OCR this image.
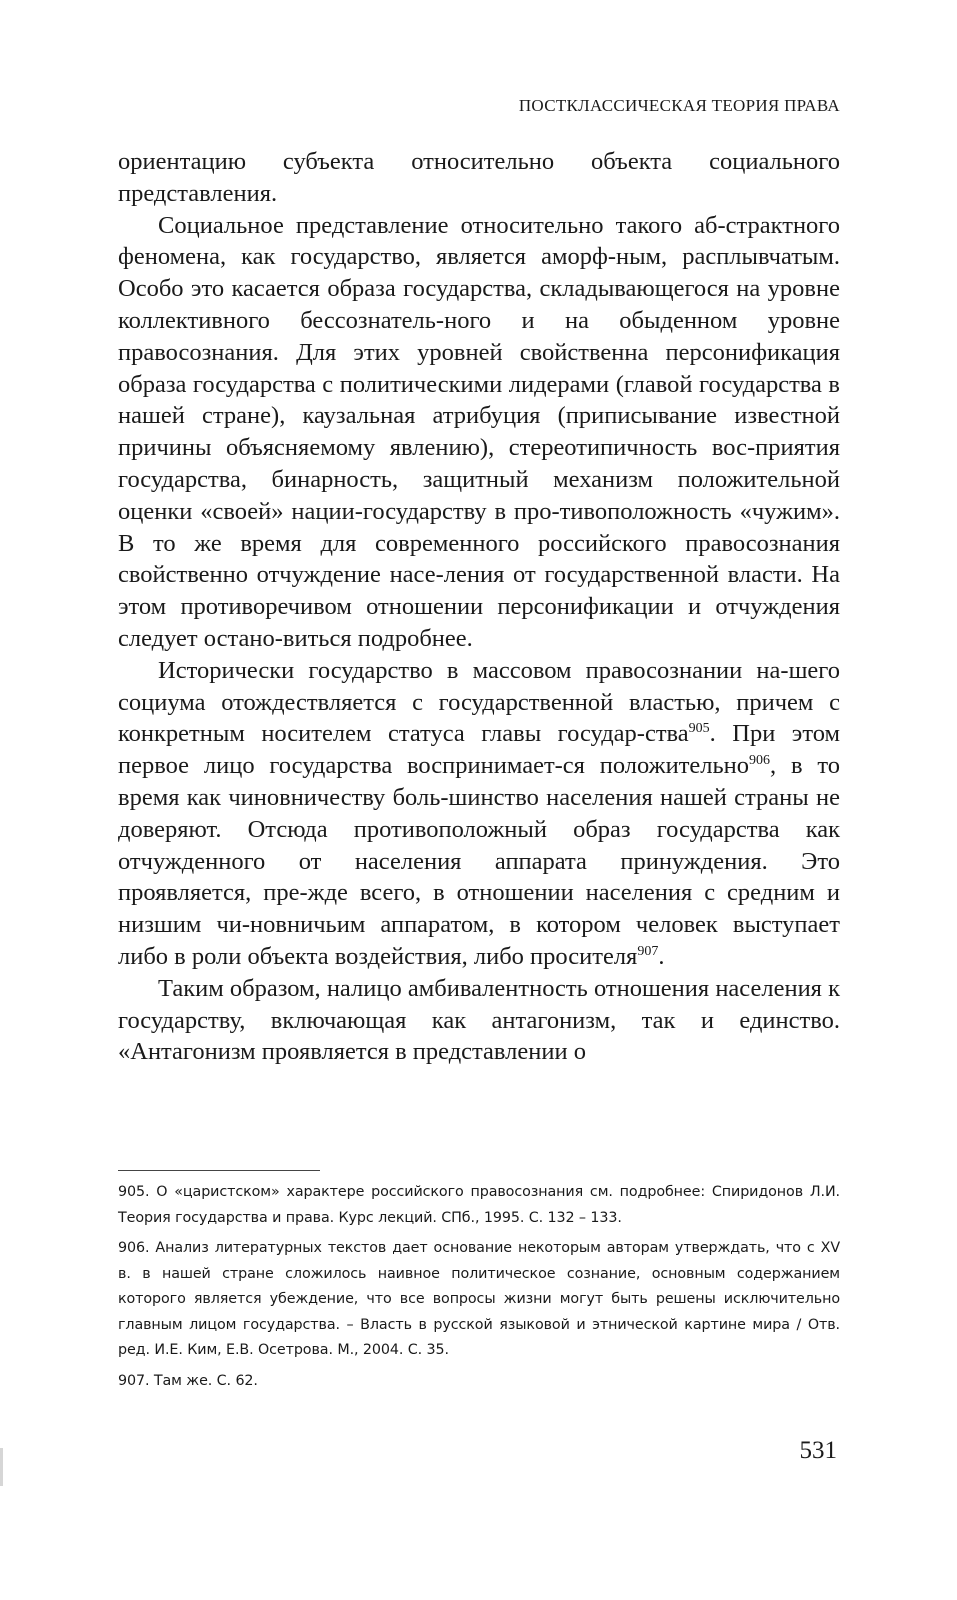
ПОСТКЛАССИЧЕСКАЯ ТЕОРИЯ ПРАВА

ориентацию субъекта относительно объекта социального представления.

Социальное представление относительно такого аб-страктного феномена, как государство, является аморф-ным, расплывчатым. Особо это касается образа государства, складывающегося на уровне коллективного бессознатель-ного и на обыденном уровне правосознания. Для этих уровней свойственна персонификация образа государства с политическими лидерами (главой государства в нашей стране), каузальная атрибуция (приписывание известной причины объясняемому явлению), стереотипичность вос-приятия государства, бинарность, защитный механизм положительной оценки «своей» нации-государству в про-тивоположность «чужим». В то же время для современного российского правосознания свойственно отчуждение насе-ления от государственной власти. На этом противоречивом отношении персонификации и отчуждения следует остано-виться подробнее.

Исторически государство в массовом правосознании на-шего социума отождествляется с государственной властью, причем с конкретным носителем статуса главы государ-ства$^{905}$. При этом первое лицо государства воспринимает-ся положительно$^{906}$, в то время как чиновничеству боль-шинство населения нашей страны не доверяют. Отсюда противоположный образ государства как отчужденного от населения аппарата принуждения. Это проявляется, пре-жде всего, в отношении населения с средним и низшим чи-новничьим аппаратом, в котором человек выступает либо в роли объекта воздействия, либо просителя$^{907}$.

Таким образом, налицо амбивалентность отношения населения к государству, включающая как антагонизм, так и единство. «Антагонизм проявляется в представлении о

905. О «царистском» характере российского правосознания см. подробнее: Спиридонов Л.И. Теория государства и права. Курс лекций. СПб., 1995. С. 132 – 133.

906. Анализ литературных текстов дает основание некоторым авторам утверждать, что с XV в. в нашей стране сложилось наивное политическое сознание, основным содержанием которого является убеждение, что все вопросы жизни могут быть решены исключительно главным лицом государства. – Власть в русской языковой и этнической картине мира / Отв. ред. И.Е. Ким, Е.В. Осетрова. М., 2004. С. 35.

907. Там же. С. 62.

531
